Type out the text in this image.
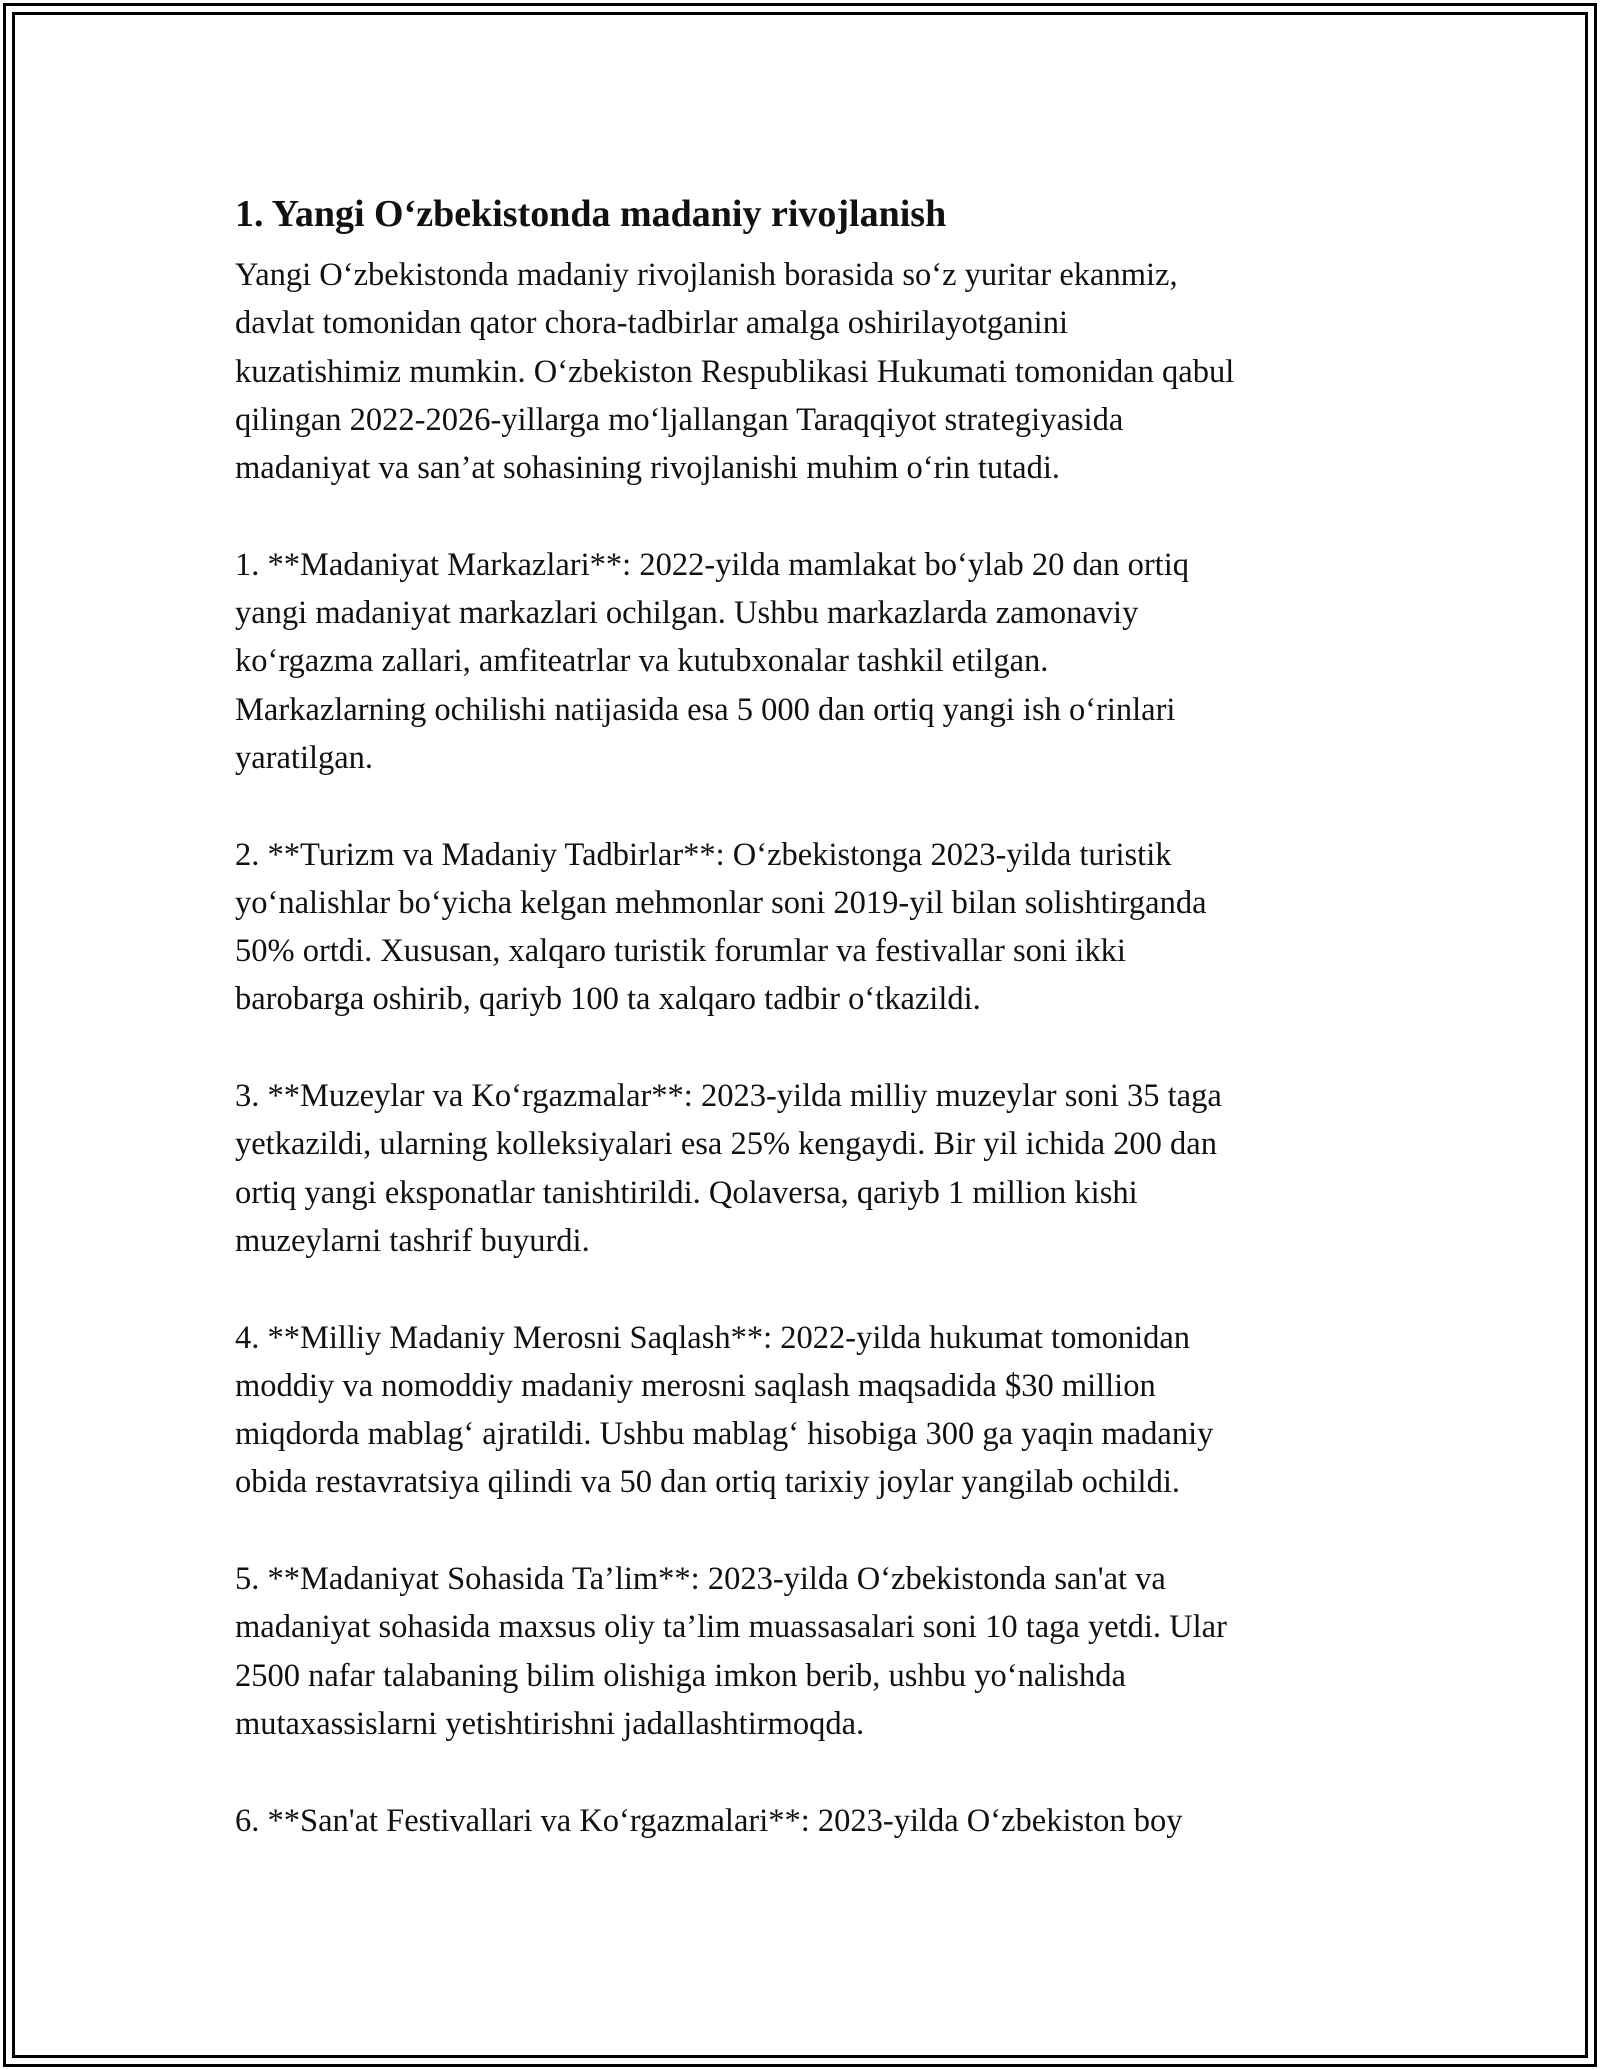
1. Yangi O‘zbekistonda madaniy rivojlanish
Yangi O‘zbekistonda madaniy rivojlanish borasida so‘z yuritar ekanmiz,
davlat tomonidan qator chora-tadbirlar amalga oshirilayotganini
kuzatishimiz mumkin. O‘zbekiston Respublikasi Hukumati tomonidan qabul
qilingan 2022-2026-yillarga mo‘ljallangan Taraqqiyot strategiyasida
madaniyat va san’at sohasining rivojlanishi muhim o‘rin tutadi.
1. **Madaniyat Markazlari**: 2022-yilda mamlakat bo‘ylab 20 dan ortiq
yangi madaniyat markazlari ochilgan. Ushbu markazlarda zamonaviy
ko‘rgazma zallari, amfiteatrlar va kutubxonalar tashkil etilgan.
Markazlarning ochilishi natijasida esa 5 000 dan ortiq yangi ish o‘rinlari
yaratilgan.
2. **Turizm va Madaniy Tadbirlar**: O‘zbekistonga 2023-yilda turistik
yo‘nalishlar bo‘yicha kelgan mehmonlar soni 2019-yil bilan solishtirganda
50% ortdi. Xususan, xalqaro turistik forumlar va festivallar soni ikki
barobarga oshirib, qariyb 100 ta xalqaro tadbir o‘tkazildi.
3. **Muzeylar va Ko‘rgazmalar**: 2023-yilda milliy muzeylar soni 35 taga
yetkazildi, ularning kolleksiyalari esa 25% kengaydi. Bir yil ichida 200 dan
ortiq yangi eksponatlar tanishtirildi. Qolaversa, qariyb 1 million kishi
muzeylarni tashrif buyurdi.
4. **Milliy Madaniy Merosni Saqlash**: 2022-yilda hukumat tomonidan
moddiy va nomoddiy madaniy merosni saqlash maqsadida $30 million
miqdorda mablag‘ ajratildi. Ushbu mablag‘ hisobiga 300 ga yaqin madaniy
obida restavratsiya qilindi va 50 dan ortiq tarixiy joylar yangilab ochildi.
5. **Madaniyat Sohasida Ta’lim**: 2023-yilda O‘zbekistonda san'at va
madaniyat sohasida maxsus oliy ta’lim muassasalari soni 10 taga yetdi. Ular
2500 nafar talabaning bilim olishiga imkon berib, ushbu yo‘nalishda
mutaxassislarni yetishtirishni jadallashtirmoqda.
6. **San'at Festivallari va Ko‘rgazmalari**: 2023-yilda O‘zbekiston boy
